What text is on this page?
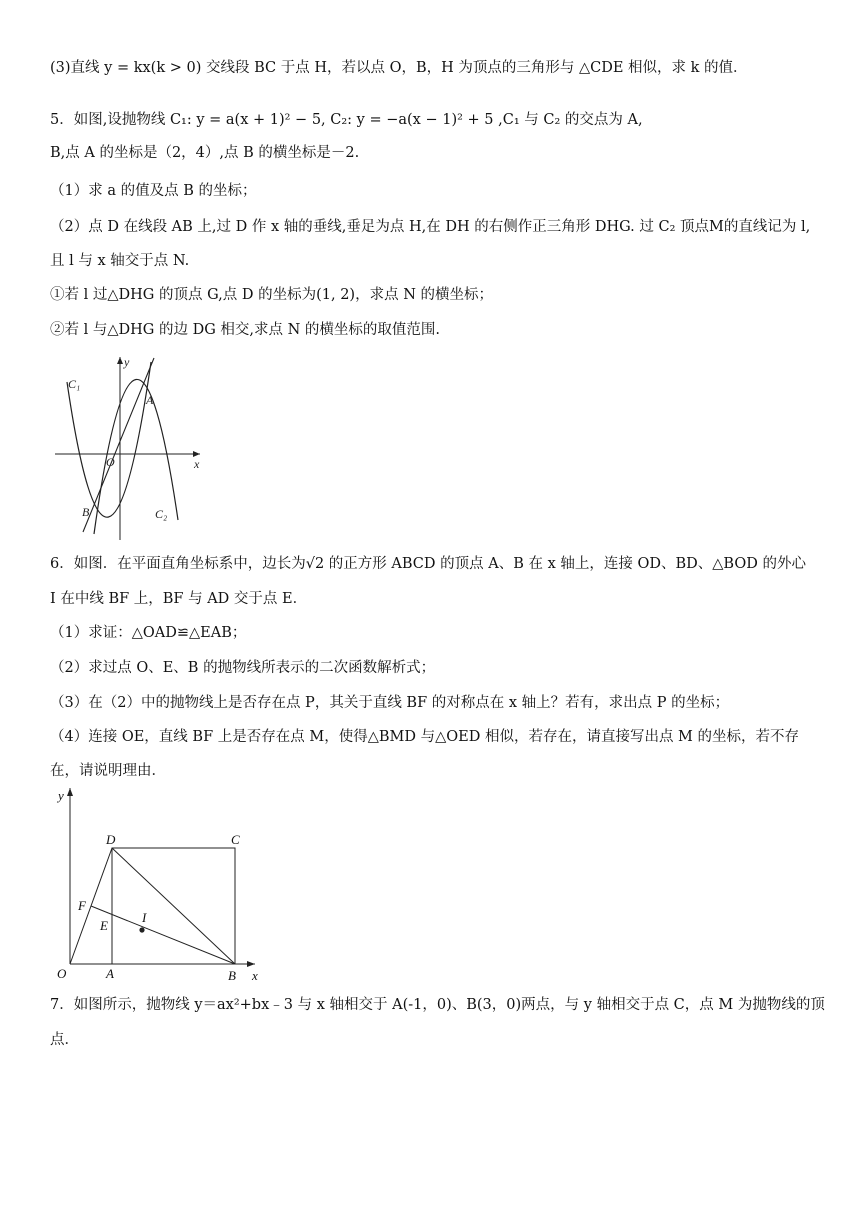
(3)直线 y = kx(k > 0) 交线段 BC 于点 H，若以点 O，B，H 为顶点的三角形与 △CDE 相似，求 k 的值．
5．如图,设抛物线 C₁: y = a(x + 1)² − 5, C₂: y = −a(x − 1)² + 5 ,C₁ 与 C₂ 的交点为 A,
B,点 A 的坐标是（2，4）,点 B 的横坐标是－2.
（1）求 a 的值及点 B 的坐标；
（2）点 D 在线段 AB 上,过 D 作 x 轴的垂线,垂足为点 H,在 DH 的右侧作正三角形 DHG. 过 C₂ 顶点M的直线记为 l,
且 l 与 x 轴交于点 N.
①若 l 过△DHG 的顶点 G,点 D 的坐标为(1, 2)，求点 N 的横坐标；
②若 l 与△DHG 的边 DG 相交,求点 N 的横坐标的取值范围.
C₁
C₂
y
x
O
A
B
6．如图．在平面直角坐标系中，边长为√2 的正方形 ABCD 的顶点 A、B 在 x 轴上，连接 OD、BD、△BOD 的外心
I 在中线 BF 上，BF 与 AD 交于点 E．
（1）求证：△OAD≌△EAB；
（2）求过点 O、E、B 的抛物线所表示的二次函数解析式；
（3）在（2）中的抛物线上是否存在点 P，其关于直线 BF 的对称点在 x 轴上？若有，求出点 P 的坐标；
（4）连接 OE，直线 BF 上是否存在点 M，使得△BMD 与△OED 相似，若存在，请直接写出点 M 的坐标，若不存
在，请说明理由．
y
x
O	A	B
C
D
E
F
I
7．如图所示，抛物线 y＝ax²+bx﹣3 与 x 轴相交于 A(-1，0)、B(3，0)两点，与 y 轴相交于点 C，点 M 为抛物线的顶
点．
